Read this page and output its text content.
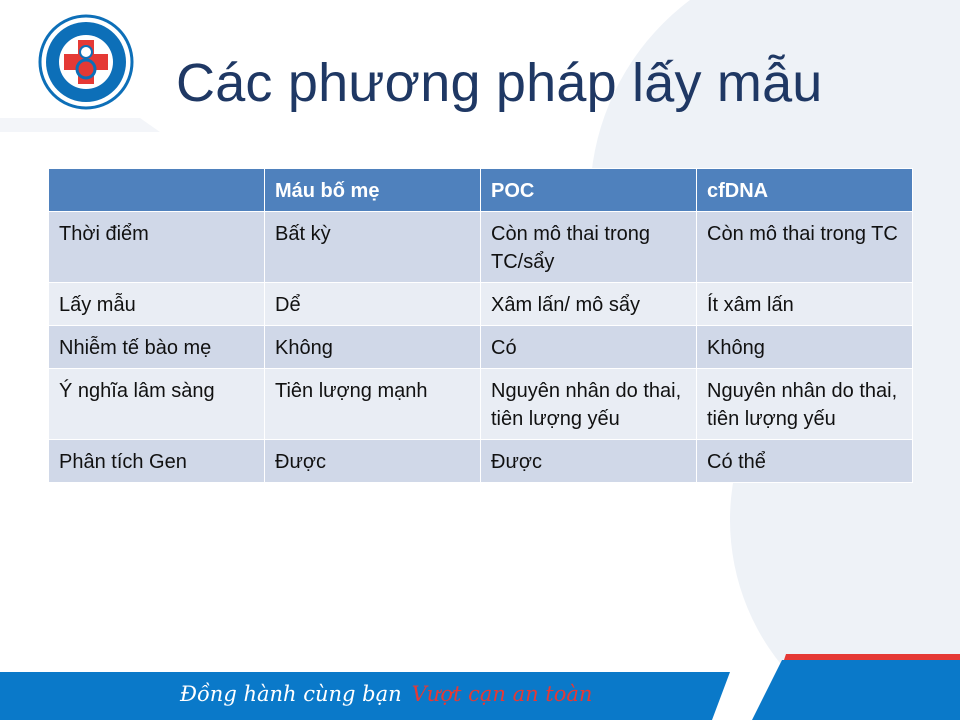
Các phương pháp lấy mẫu
	Máu bố mẹ	POC	cfDNA
Thời điểm	Bất kỳ	Còn mô thai trong TC/sẩy	Còn mô thai trong TC
Lấy mẫu	Dể	Xâm lấn/ mô sẩy	Ít xâm lấn
Nhiễm tế bào mẹ	Không	Có	Không
Ý nghĩa lâm sàng	Tiên lượng mạnh	Nguyên nhân do thai, tiên lượng yếu	Nguyên nhân do thai, tiên lượng yếu
Phân tích Gen	Được	Được	Có thể
Đồng hành cùng bạn Vượt cạn an toàn
